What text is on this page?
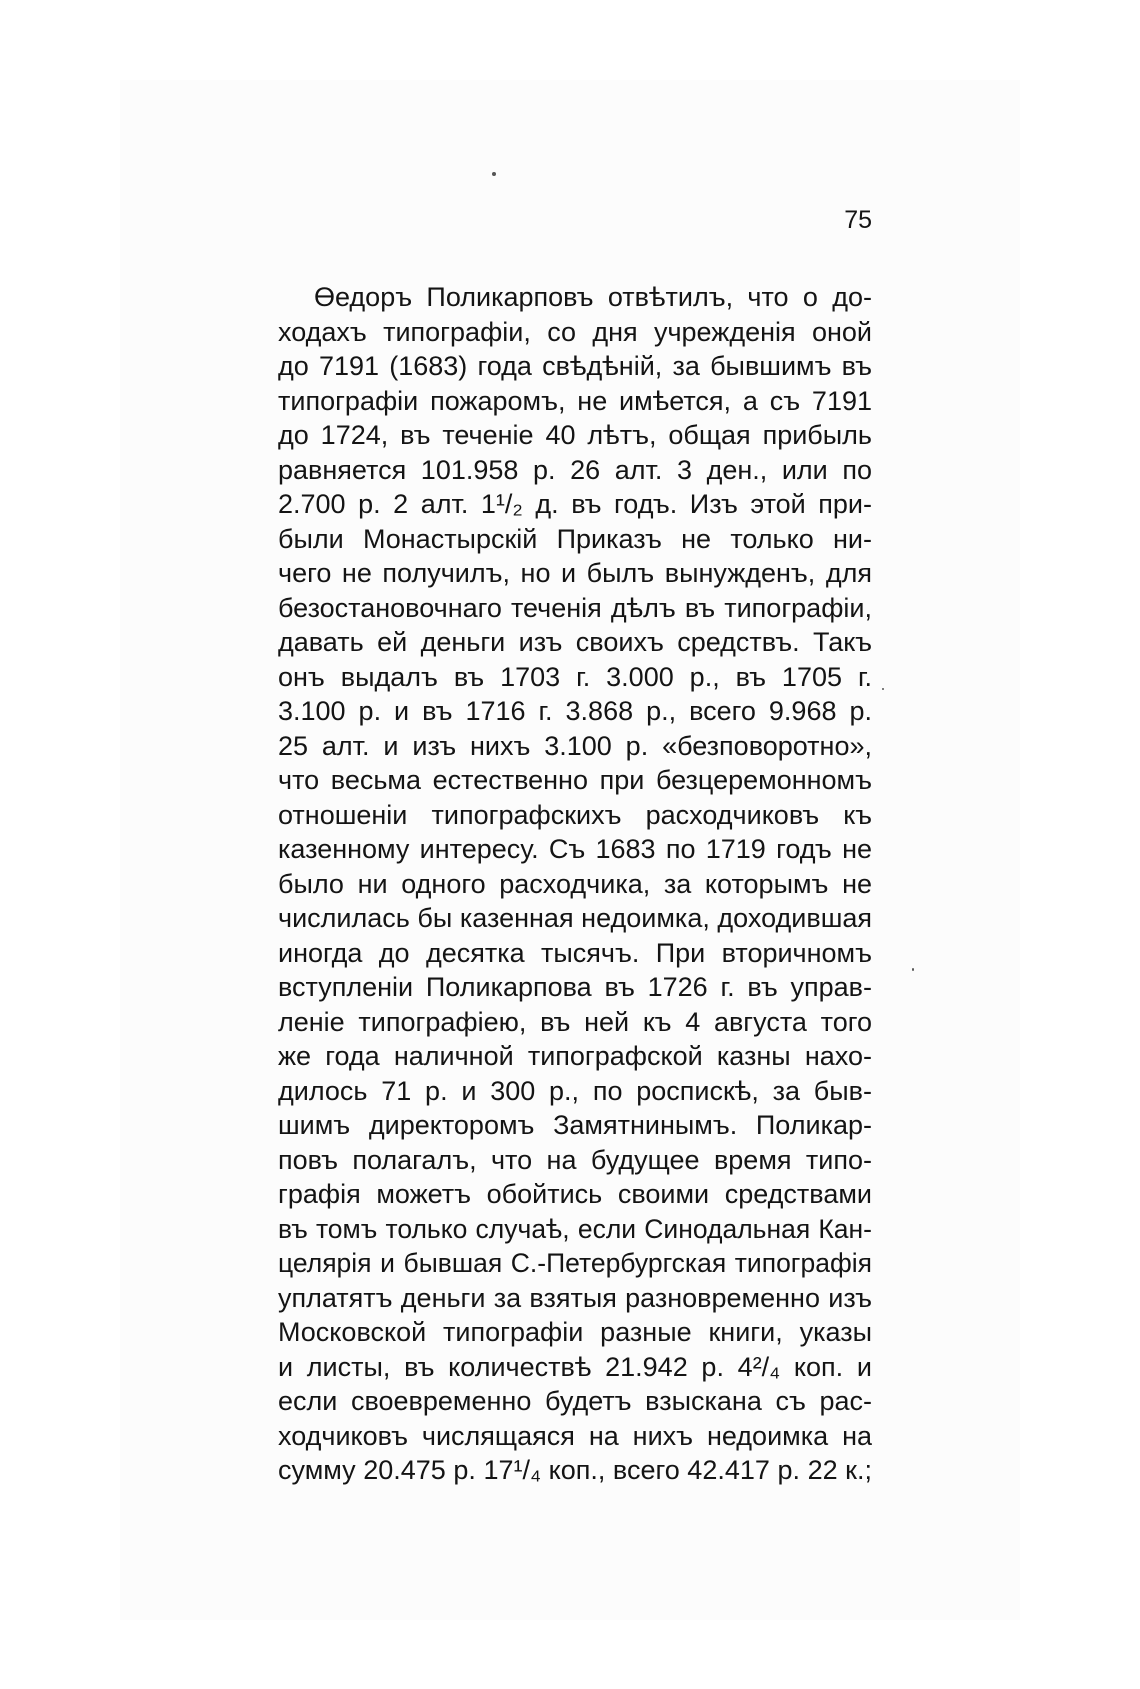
75
Өедоръ Поликарповъ отвѣтилъ, что о до-
ходахъ типографіи, со дня учрежденія оной
до 7191 (1683) года свѣдѣній, за бывшимъ въ
типографіи пожаромъ, не имѣется, а съ 7191
до 1724, въ теченіе 40 лѣтъ, общая прибыль
равняется 101.958 р. 26 алт. 3 ден., или по
2.700 р. 2 алт. 1¹/₂ д. въ годъ. Изъ этой при-
были Монастырскій Приказъ не только ни-
чего не получилъ, но и былъ вынужденъ, для
безостановочнаго теченія дѣлъ въ типографіи,
давать ей деньги изъ своихъ средствъ. Такъ
онъ выдалъ въ 1703 г. 3.000 р., въ 1705 г.
3.100 р. и въ 1716 г. 3.868 р., всего 9.968 р.
25 алт. и изъ нихъ 3.100 р. «безповоротно»,
что весьма естественно при безцеремонномъ
отношеніи типографскихъ расходчиковъ къ
казенному интересу. Съ 1683 по 1719 годъ не
было ни одного расходчика, за которымъ не
числилась бы казенная недоимка, доходившая
иногда до десятка тысячъ. При вторичномъ
вступленіи Поликарпова въ 1726 г. въ управ-
леніе типографіею, въ ней къ 4 августа того
же года наличной типографской казны нахо-
дилось 71 р. и 300 р., по роспискѣ, за быв-
шимъ директоромъ Замятнинымъ. Поликар-
повъ полагалъ, что на будущее время типо-
графія можетъ обойтись своими средствами
въ томъ только случаѣ, если Синодальная Кан-
целярія и бывшая С.-Петербургская типографія
уплатятъ деньги за взятыя разновременно изъ
Московской типографіи разные книги, указы
и листы, въ количествѣ 21.942 р. 4²/₄ коп. и
если своевременно будетъ взыскана съ рас-
ходчиковъ числящаяся на нихъ недоимка на
сумму 20.475 р. 17¹/₄ коп., всего 42.417 р. 22 к.;
